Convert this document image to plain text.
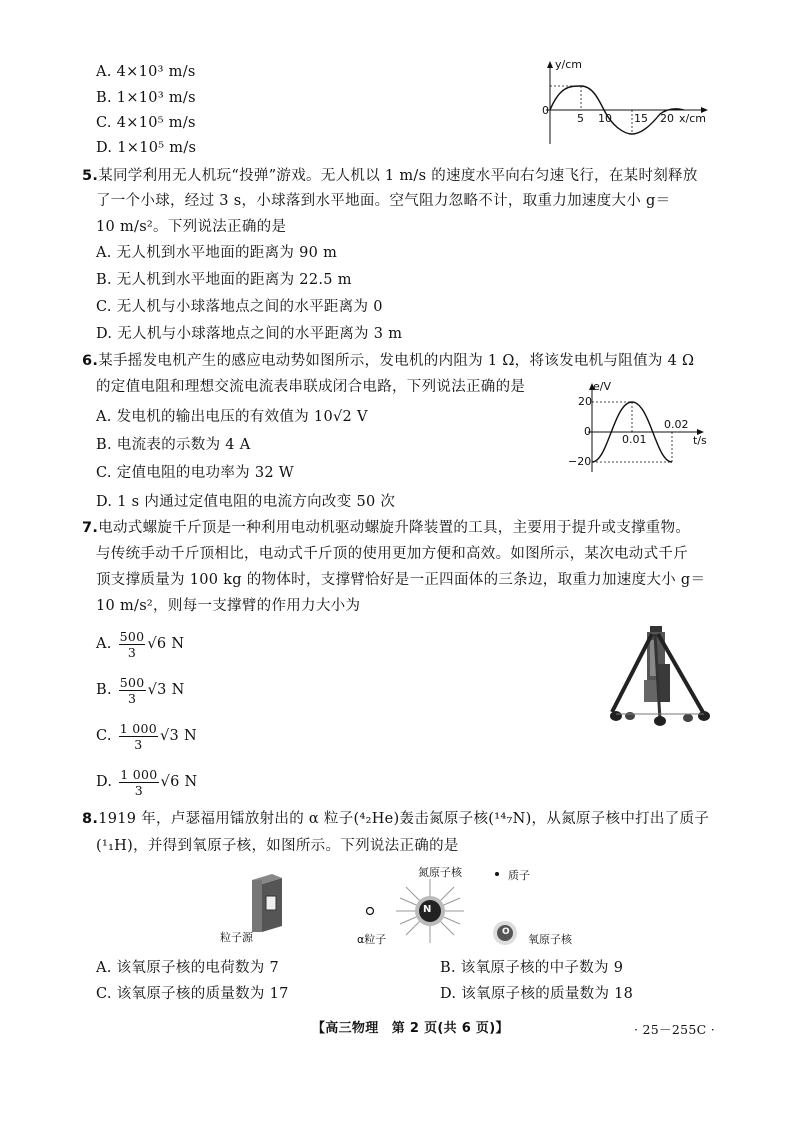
A. 4×10³ m/s
B. 1×10³ m/s
C. 4×10⁵ m/s
D. 1×10⁵ m/s
y/cm
0
5 10 15 20 x/cm
5.某同学利用无人机玩“投弹”游戏。无人机以 1 m/s 的速度水平向右匀速飞行，在某时刻释放
了一个小球，经过 3 s，小球落到水平地面。空气阻力忽略不计，取重力加速度大小 g＝
10 m/s²。下列说法正确的是
A. 无人机到水平地面的距离为 90 m
B. 无人机到水平地面的距离为 22.5 m
C. 无人机与小球落地点之间的水平距离为 0
D. 无人机与小球落地点之间的水平距离为 3 m
6.某手摇发电机产生的感应电动势如图所示，发电机的内阻为 1 Ω，将该发电机与阻值为 4 Ω
的定值电阻和理想交流电流表串联成闭合电路，下列说法正确的是
A. 发电机的输出电压的有效值为 10√2 V
B. 电流表的示数为 4 A
C. 定值电阻的电功率为 32 W
D. 1 s 内通过定值电阻的电流方向改变 50 次
e/V
20
0
−20
0.01
0.02
t/s
7.电动式螺旋千斤顶是一种利用电动机驱动螺旋升降装置的工具，主要用于提升或支撑重物。
与传统手动千斤顶相比，电动式千斤顶的使用更加方便和高效。如图所示，某次电动式千斤
顶支撑质量为 100 kg 的物体时，支撑臂恰好是一正四面体的三条边，取重力加速度大小 g＝
10 m/s²，则每一支撑臂的作用力大小为
A. $\frac{500}{3} √6$ N
B. $\frac{500}{3} √3$ N
C. $\frac{1 000}{3} √3$ N
D. $\frac{1 000}{3} √6$ N
8.1919 年，卢瑟福用镭放射出的 α 粒子(⁴₂He)轰击氮原子核(¹⁴₇N)，从氮原子核中打出了质子
(¹₁H)，并得到氧原子核，如图所示。下列说法正确的是
N
O
氮原子核	质子
粒子源	α粒子	氧原子核
A. 该氧原子核的电荷数为 7	B. 该氧原子核的中子数为 9
C. 该氧原子核的质量数为 17	D. 该氧原子核的质量数为 18
【高三物理　第 2 页(共 6 页)】	· 25－255C ·
